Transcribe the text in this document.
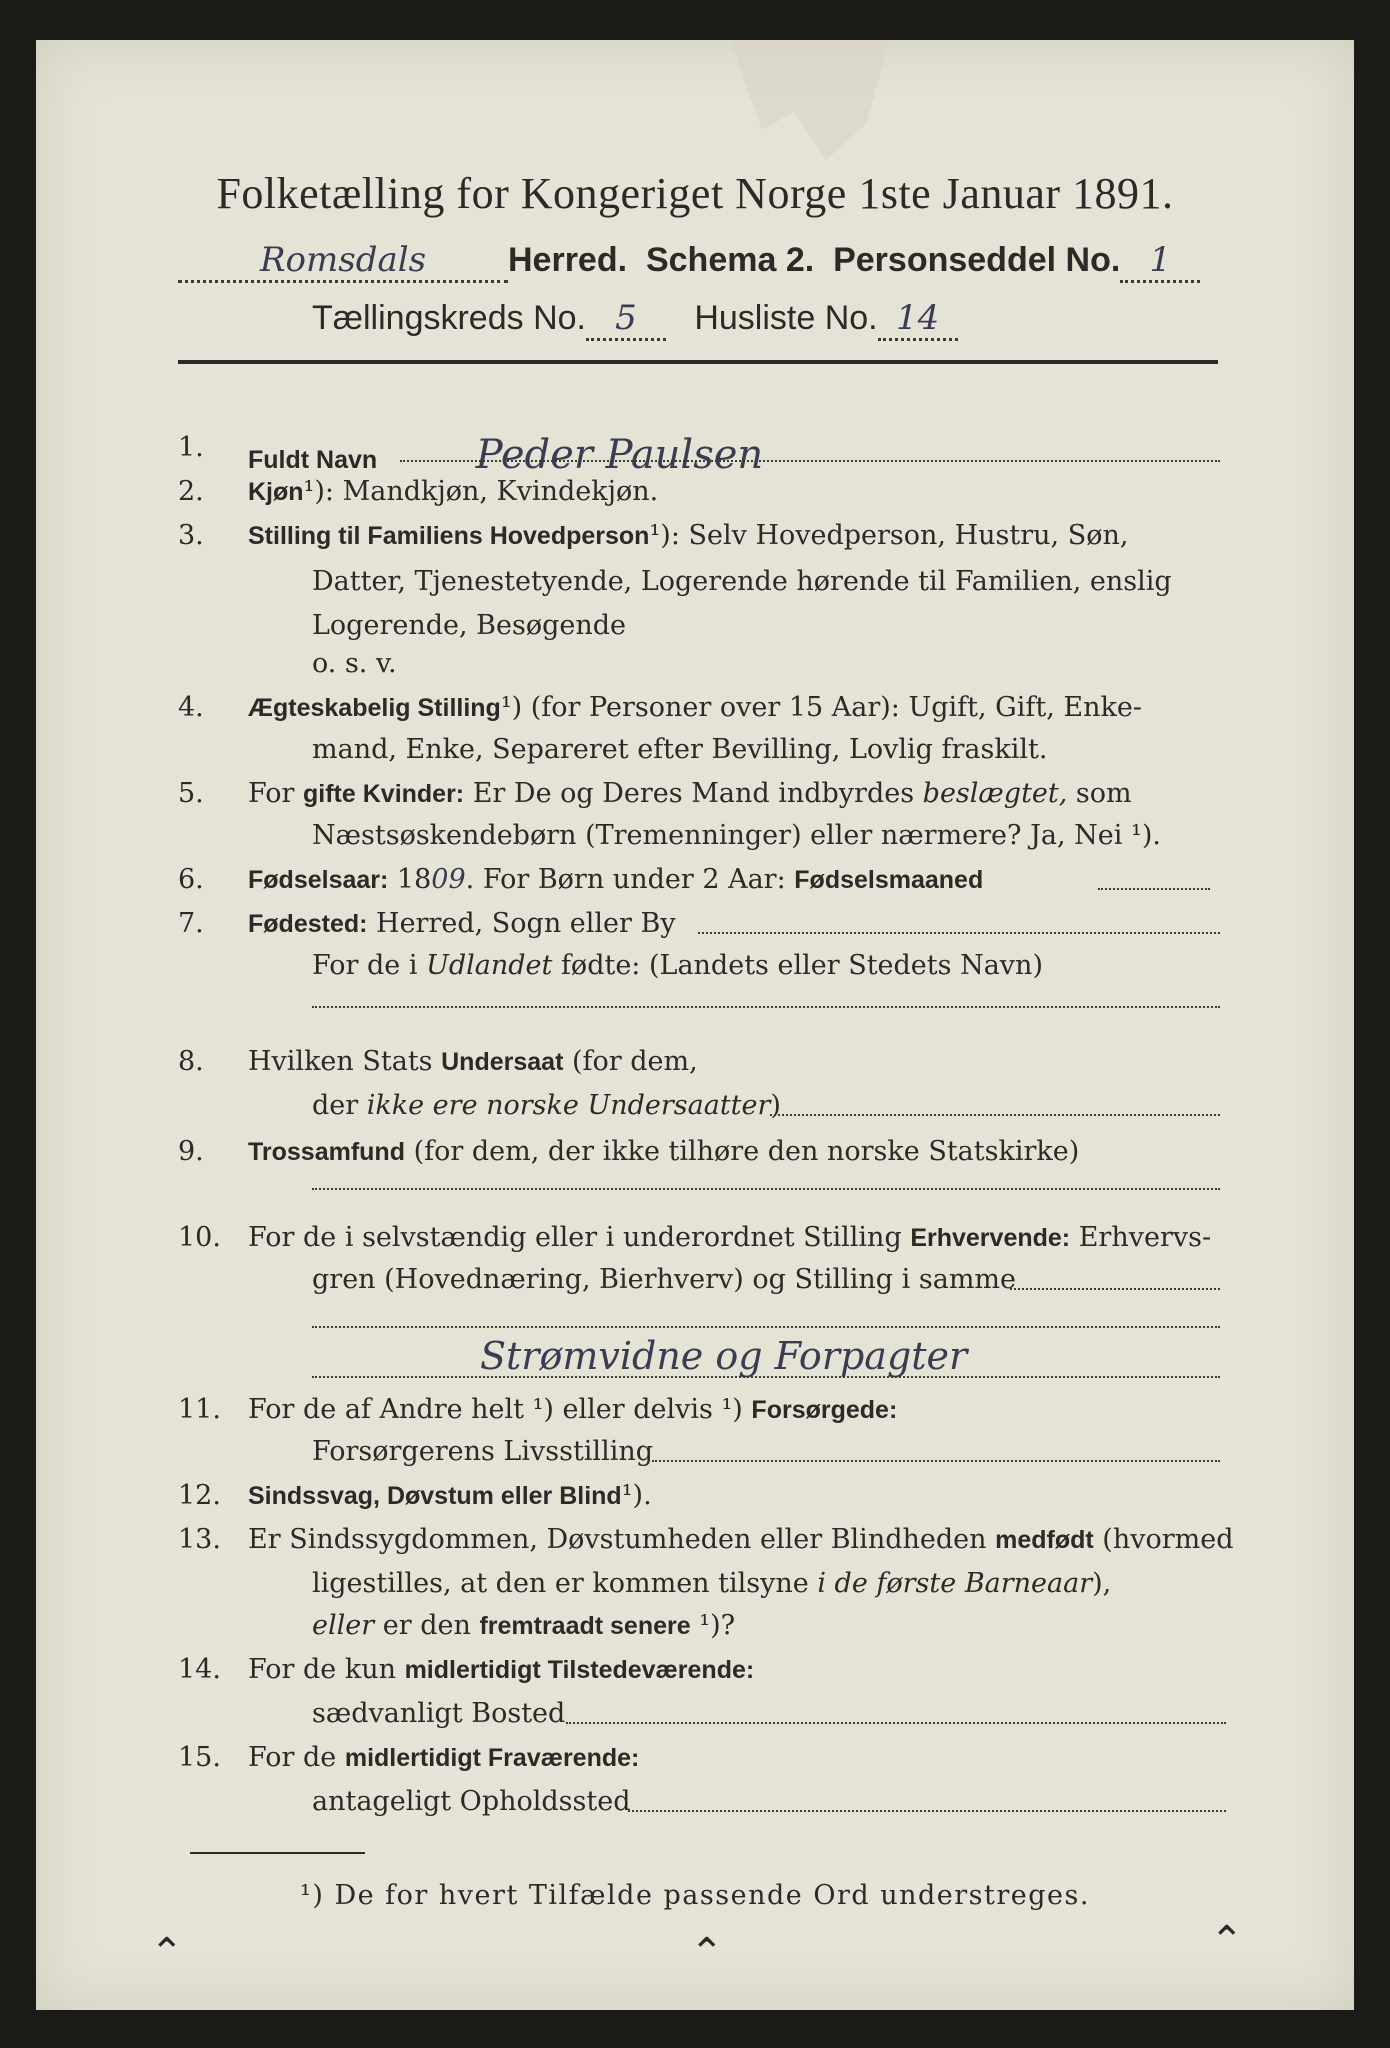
Folketælling for Kongeriget Norge 1ste Januar 1891.
Romsdals Herred. Schema 2. Personseddel No. 1
Tællingskreds No. 5 Husliste No. 14
1.	Fuldt Navn Peder Paulsen
2.	Kjøn¹): Mandkjøn, Kvindekjøn.
3.	Stilling til Familiens Hovedperson¹): Selv Hovedperson, Hustru, Søn,
Datter, Tjenestetyende, Logerende hørende til Familien, enslig
Logerende, Besøgende
o. s. v.
4.	Ægteskabelig Stilling¹) (for Personer over 15 Aar): Ugift, Gift, Enke-
mand, Enke, Separeret efter Bevilling, Lovlig fraskilt.
5.	For gifte Kvinder: Er De og Deres Mand indbyrdes beslægtet, som
Næstsøskendebørn (Tremenninger) eller nærmere? Ja, Nei ¹).
6.	Fødselsaar: 1809. For Børn under 2 Aar: Fødselsmaaned
7.	Fødested: Herred, Sogn eller By
For de i Udlandet fødte: (Landets eller Stedets Navn)
8.	Hvilken Stats Undersaat (for dem,
der ikke ere norske Undersaatter)
9.	Trossamfund (for dem, der ikke tilhøre den norske Statskirke)
10.	For de i selvstændig eller i underordnet Stilling Erhvervende: Erhvervs-
gren (Hovednæring, Bierhverv) og Stilling i samme
Strømvidne og Forpagter
11.	For de af Andre helt ¹) eller delvis ¹) Forsørgede:
Forsørgerens Livsstilling
12.	Sindssvag, Døvstum eller Blind¹).
13.	Er Sindssygdommen, Døvstumheden eller Blindheden medfødt (hvormed
ligestilles, at den er kommen tilsyne i de første Barneaar),
eller er den fremtraadt senere ¹)?
14.	For de kun midlertidigt Tilstedeværende:
sædvanligt Bosted
15.	For de midlertidigt Fraværende:
antageligt Opholdssted
¹) De for hvert Tilfælde passende Ord understreges.
⌃	⌃	⌃
